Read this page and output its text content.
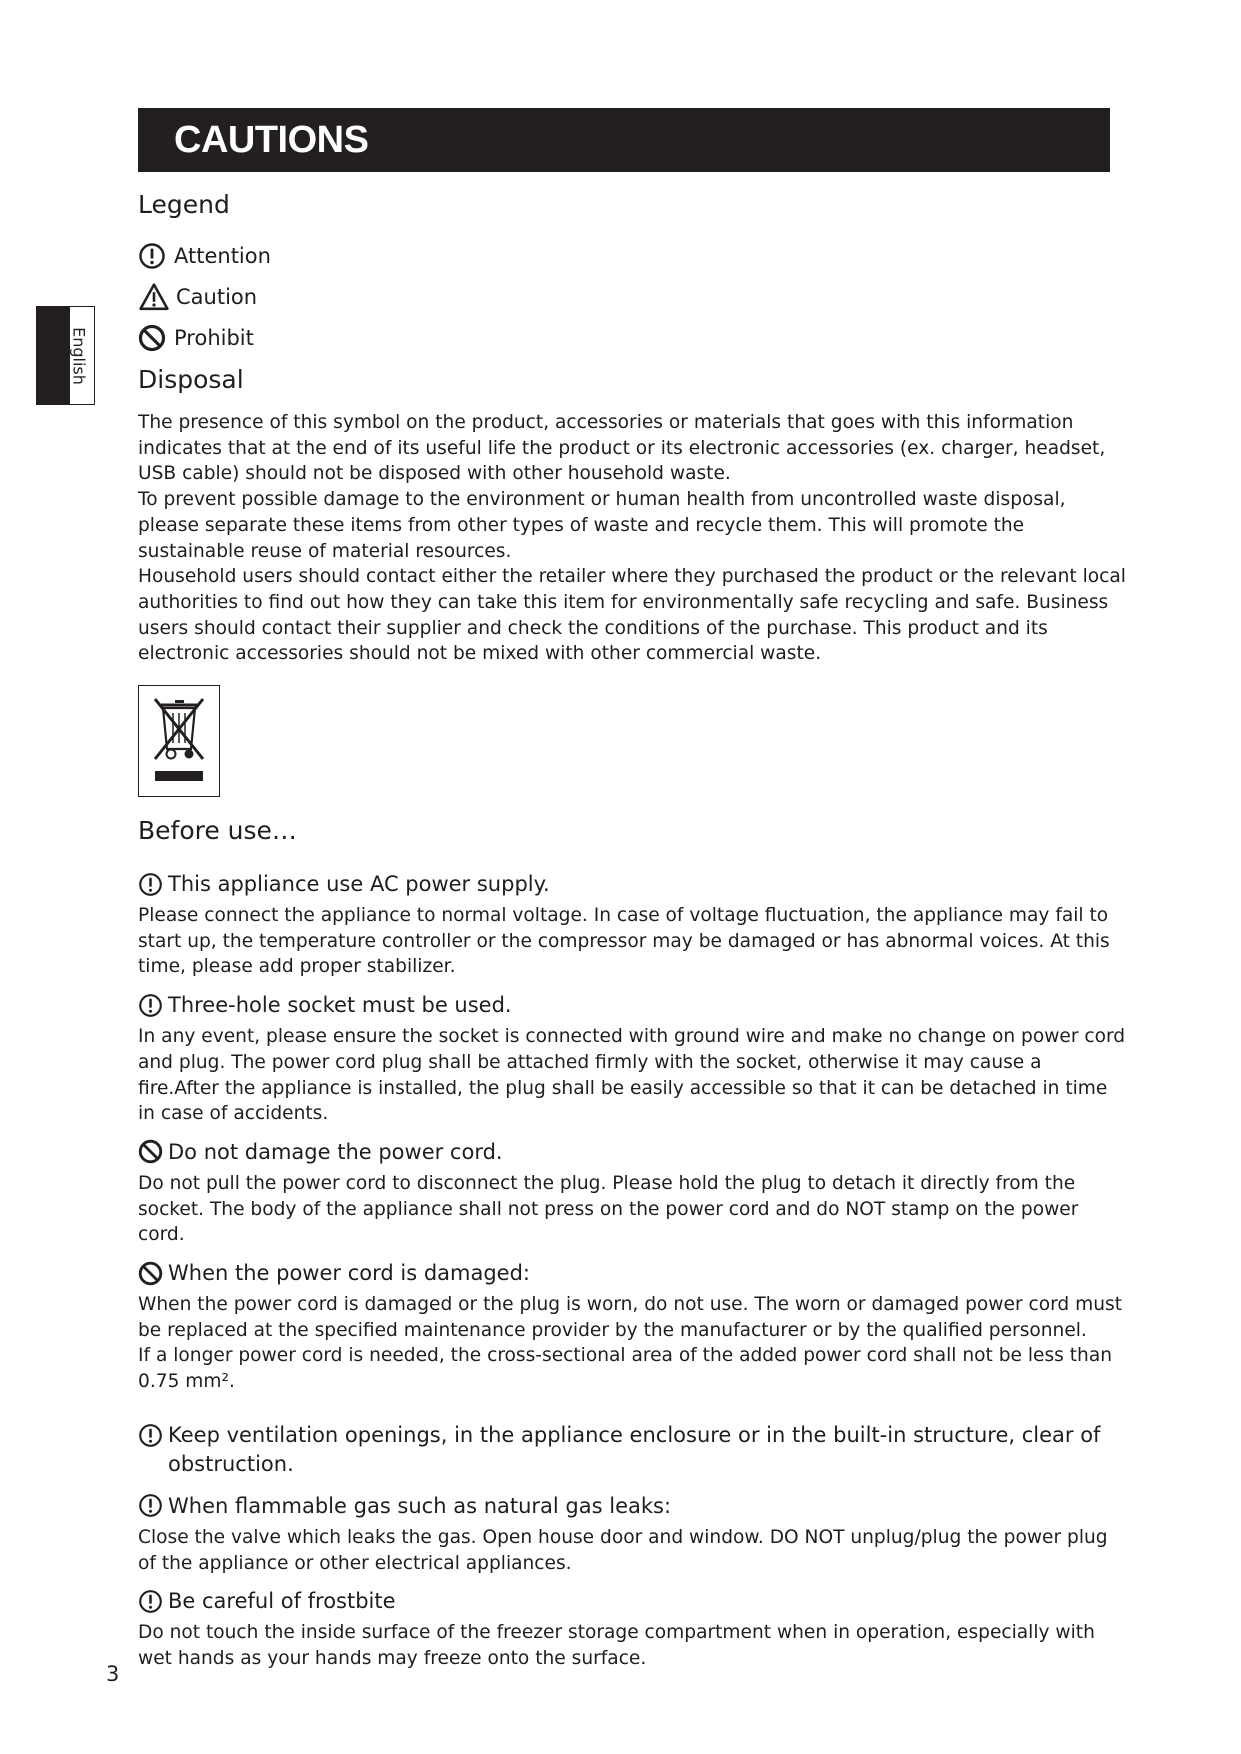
CAUTIONS
English
Legend
Attention
Caution
Prohibit
Disposal

The presence of this symbol on the product, accessories or materials that goes with this information indicates that at the end of its useful life the product or its electronic accessories (ex. charger, headset, USB cable) should not be disposed with other household waste.

To prevent possible damage to the environment or human health from uncontrolled waste disposal, please separate these items from other types of waste and recycle them. This will promote the sustainable reuse of material resources.

Household users should contact either the retailer where they purchased the product or the relevant local authorities to find out how they can take this item for environmentally safe recycling and safe. Business users should contact their supplier and check the conditions of the purchase. This product and its electronic accessories should not be mixed with other commercial waste.

Before use…
This appliance use AC power supply.

Please connect the appliance to normal voltage. In case of voltage fluctuation, the appliance may fail to start up, the temperature controller or the compressor may be damaged or has abnormal voices. At this time, please add proper stabilizer.

Three-hole socket must be used.

In any event, please ensure the socket is connected with ground wire and make no change on power cord and plug. The power cord plug shall be attached firmly with the socket, otherwise it may cause a fire.After the appliance is installed, the plug shall be easily accessible so that it can be detached in time in case of accidents.

Do not damage the power cord.

Do not pull the power cord to disconnect the plug. Please hold the plug to detach it directly from the socket. The body of the appliance shall not press on the power cord and do NOT stamp on the power cord.

When the power cord is damaged:

When the power cord is damaged or the plug is worn, do not use. The worn or damaged power cord must be replaced at the specified maintenance provider by the manufacturer or by the qualified personnel.

If a longer power cord is needed, the cross-sectional area of the added power cord shall not be less than 0.75 mm².

Keep ventilation openings, in the appliance enclosure or in the built-in structure, clear of obstruction.
When flammable gas such as natural gas leaks:

Close the valve which leaks the gas. Open house door and window. DO NOT unplug/plug the power plug of the appliance or other electrical appliances.

Be careful of frostbite

Do not touch the inside surface of the freezer storage compartment when in operation, especially with wet hands as your hands may freeze onto the surface.

3
